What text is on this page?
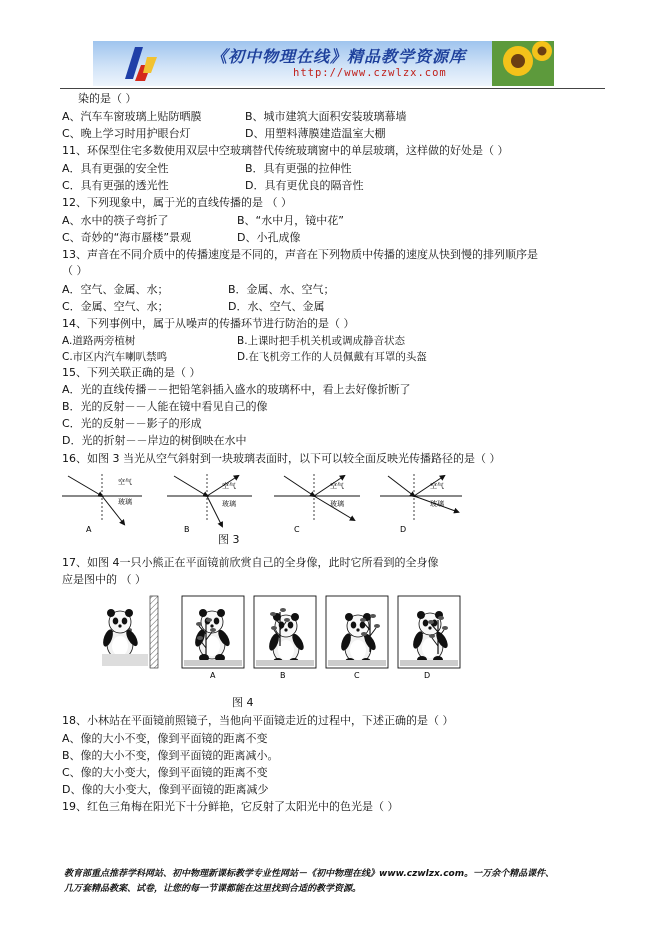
《初中物理在线》精品教学资源库
http://www.czwlzx.com
染的是（ ）
A、汽车车窗玻璃上贴防晒膜	B、城市建筑大面积安装玻璃幕墙
C、晚上学习时用护眼台灯	D、用塑料薄膜建造温室大棚
11、环保型住宅多数使用双层中空玻璃替代传统玻璃窗中的单层玻璃，这样做的好处是（ ）
A．具有更强的安全性	B．具有更强的拉伸性
C．具有更强的透光性	D．具有更优良的隔音性
12、下列现象中，属于光的直线传播的是 （ ）
A、水中的筷子弯折了	B、“水中月，镜中花”
C、奇妙的“海市蜃楼”景观	D、小孔成像
13、声音在不同介质中的传播速度是不同的，声音在下列物质中传播的速度从快到慢的排列顺序是
（ ）
A．空气、金属、水；	B．金属、水、空气；
C．金属、空气、水；	D．水、空气、金属
14、下列事例中，属于从噪声的传播环节进行防治的是（ ）
A.道路两旁植树	B.上课时把手机关机或调成静音状态
C.市区内汽车喇叭禁鸣	D.在飞机旁工作的人员佩戴有耳罩的头盔
15、下列关联正确的是（ ）
A．光的直线传播－－把铅笔斜插入盛水的玻璃杯中，看上去好像折断了
B．光的反射－－人能在镜中看见自己的像
C．光的反射－－影子的形成
D．光的折射－－岸边的树倒映在水中
16、如图 3 当光从空气斜射到一块玻璃表面时，以下可以较全面反映光传播路径的是（ ）
空气
玻璃
A
空气
玻璃
B
空气
玻璃
C
空气
玻璃
D
图 3
17、如图 4一只小熊正在平面镜前欣赏自己的全身像，此时它所看到的全身像
应是图中的 （ ）
A	B	C	D
图 4
18、小林站在平面镜前照镜子，当他向平面镜走近的过程中，下述正确的是（ ）
A、像的大小不变，像到平面镜的距离不变
B、像的大小不变，像到平面镜的距离减小。
C、像的大小变大，像到平面镜的距离不变
D、像的大小变大，像到平面镜的距离减少
19、红色三角梅在阳光下十分鲜艳，它反射了太阳光中的色光是（ ）
教育部重点推荐学科网站、初中物理新课标教学专业性网站－《初中物理在线》www.czwlzx.com。一万余个精品课件、
几万套精品教案、试卷，让您的每一节课都能在这里找到合适的教学资源。
